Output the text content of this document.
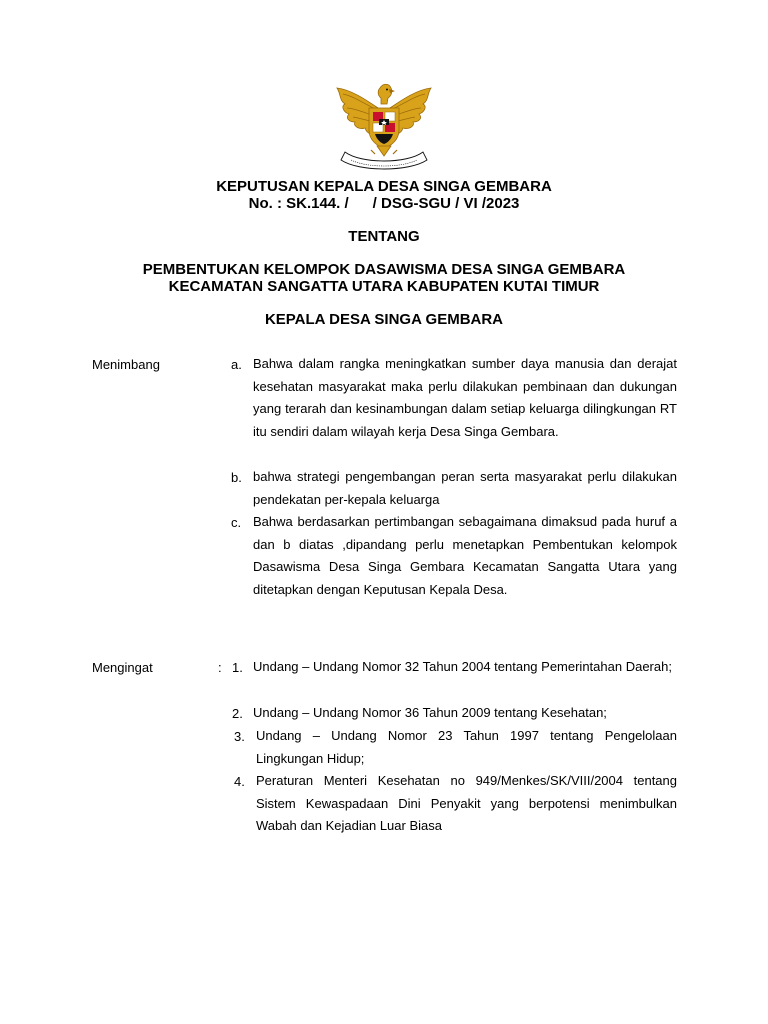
KEPUTUSAN KEPALA DESA SINGA GEMBARA
No. : SK.144. / / DSG-SGU / VI /2023
TENTANG
PEMBENTUKAN KELOMPOK DASAWISMA DESA SINGA GEMBARA
KECAMATAN SANGATTA UTARA KABUPATEN KUTAI TIMUR
KEPALA DESA SINGA GEMBARA
Menimbang	a. Bahwa dalam rangka meningkatkan sumber daya manusia dan derajat kesehatan masyarakat maka perlu dilakukan pembinaan dan dukungan yang terarah dan kesinambungan dalam setiap keluarga dilingkungan RT itu sendiri dalam wilayah kerja Desa Singa Gembara.
b. bahwa strategi pengembangan peran serta masyarakat perlu dilakukan pendekatan per-kepala keluarga
c. Bahwa berdasarkan pertimbangan sebagaimana dimaksud pada huruf a dan b diatas ,dipandang perlu menetapkan Pembentukan kelompok Dasawisma Desa Singa Gembara Kecamatan Sangatta Utara yang ditetapkan dengan Keputusan Kepala Desa.
Mengingat	: 1. Undang – Undang Nomor 32 Tahun 2004 tentang Pemerintahan Daerah;
2. Undang – Undang Nomor 36 Tahun 2009 tentang Kesehatan;
3. Undang – Undang Nomor 23 Tahun 1997 tentang Pengelolaan Lingkungan Hidup;
4. Peraturan Menteri Kesehatan no 949/Menkes/SK/VIII/2004 tentang Sistem Kewaspadaan Dini Penyakit yang berpotensi menimbulkan Wabah dan Kejadian Luar Biasa
